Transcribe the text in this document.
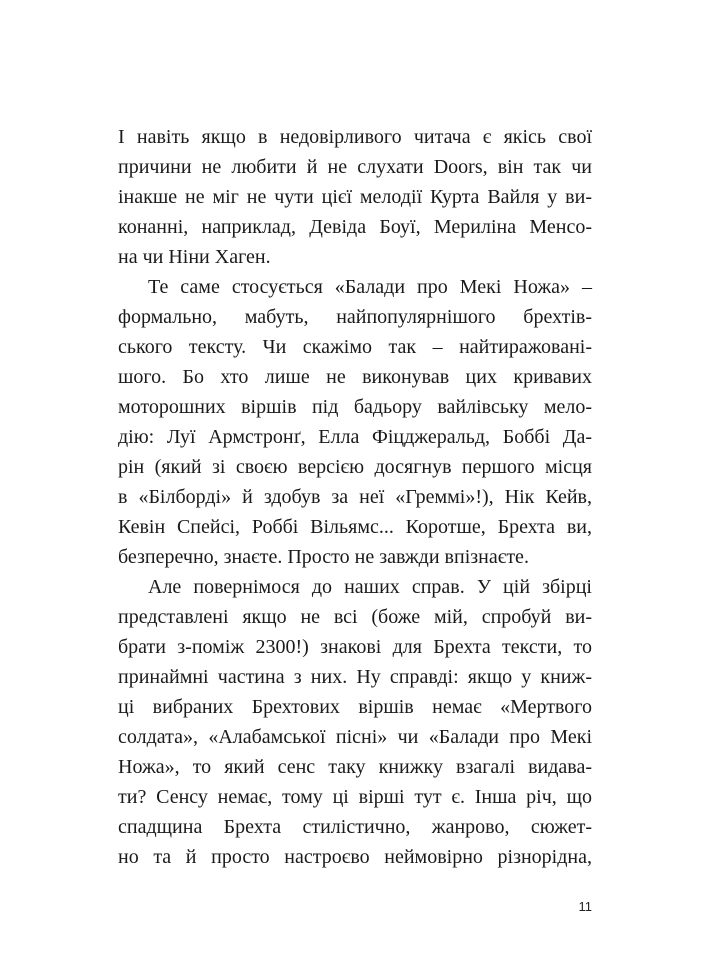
І навіть якщо в недовірливого читача є якісь свої
причини не любити й не слухати Doors, він так чи
інакше не міг не чути цієї мелодії Курта Вайля у ви-
конанні, наприклад, Девіда Боуї, Мериліна Менсо-
на чи Ніни Хаген.

Те саме стосується «Балади про Мекі Ножа» –
формально, мабуть, найпопулярнішого брехтів-
ського тексту. Чи скажімо так – найтиражовані-
шого. Бо хто лише не виконував цих кривавих
моторошних віршів під бадьору вайлівську мело-
дію: Луї Армстронґ, Елла Фіцджеральд, Боббі Да-
рін (який зі своєю версією досягнув першого місця
в «Білборді» й здобув за неї «Греммі»!), Нік Кейв,
Кевін Спейсі, Роббі Вільямс... Коротше, Брехта ви,
безперечно, знаєте. Просто не завжди впізнаєте.

Але повернімося до наших справ. У цій збірці
представлені якщо не всі (боже мій, спробуй ви-
брати з-поміж 2300!) знакові для Брехта тексти, то
принаймні частина з них. Ну справді: якщо у книж-
ці вибраних Брехтових віршів немає «Мертвого
солдата», «Алабамської пісні» чи «Балади про Мекі
Ножа», то який сенс таку книжку взагалі видава-
ти? Сенсу немає, тому ці вірші тут є. Інша річ, що
спадщина Брехта стилістично, жанрово, сюжет-
но та й просто настроєво неймовірно різнорідна,

11
